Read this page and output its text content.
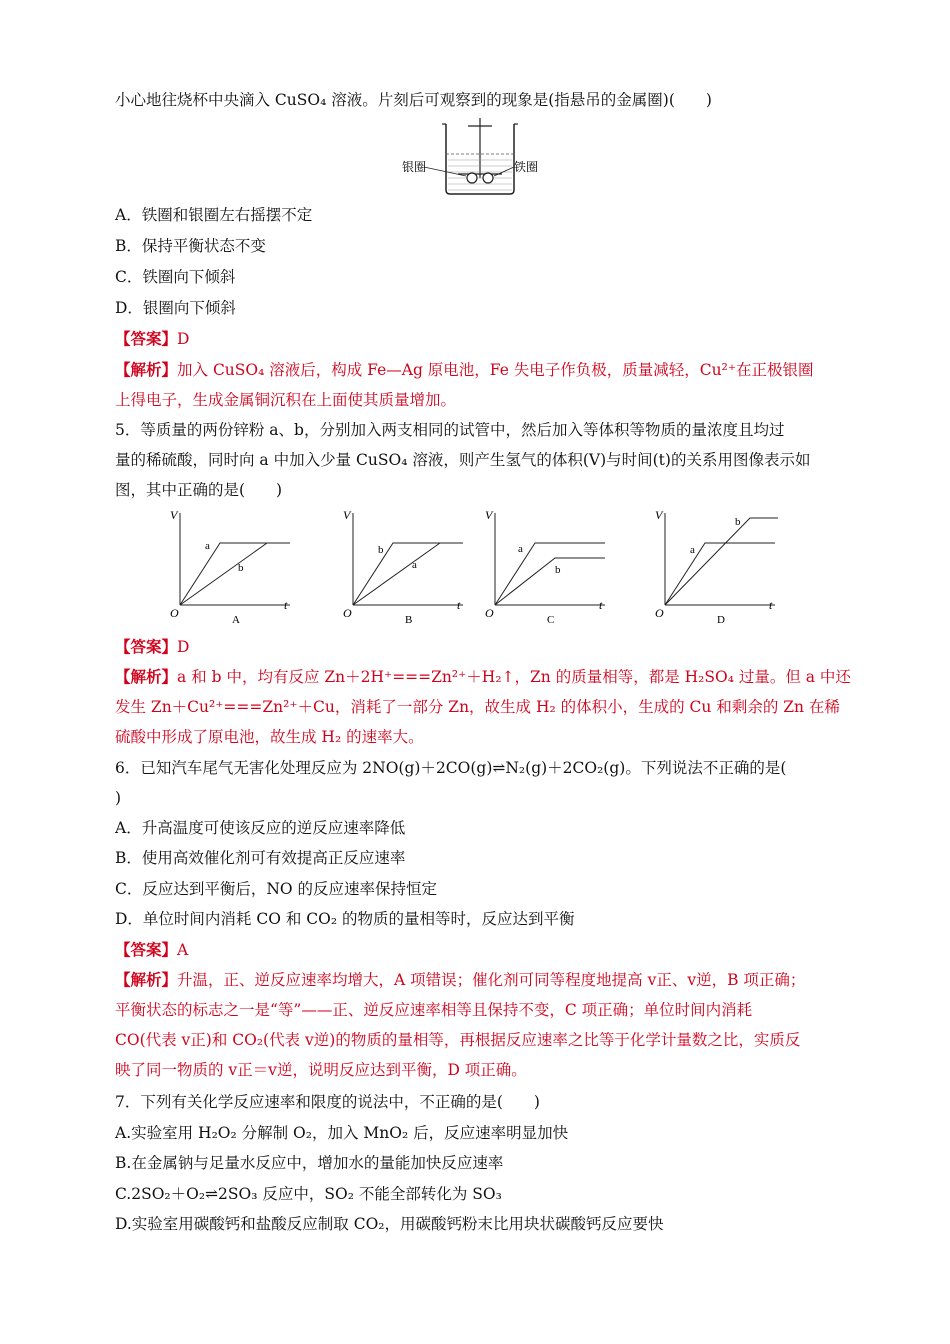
小心地往烧杯中央滴入 CuSO₄ 溶液。片刻后可观察到的现象是(指悬吊的金属圈)(　　)
银圈	铁圈
A．铁圈和银圈左右摇摆不定
B．保持平衡状态不变
C．铁圈向下倾斜
D．银圈向下倾斜
【答案】D
【解析】加入 CuSO₄ 溶液后，构成 Fe—Ag 原电池，Fe 失电子作负极，质量减轻，Cu²⁺在正极银圈
上得电子，生成金属铜沉积在上面使其质量增加。
5．等质量的两份锌粉 a、b，分别加入两支相同的试管中，然后加入等体积等物质的量浓度且均过
量的稀硫酸，同时向 a 中加入少量 CuSO₄ 溶液，则产生氢气的体积(V)与时间(t)的关系用图像表示如
图，其中正确的是(　　)
V
t
O
a
b
A
V
t
O
b
a
B
V
t
O
a
b
C
V
t
O
a
b
D
【答案】D
【解析】a 和 b 中，均有反应 Zn＋2H⁺===Zn²⁺＋H₂↑，Zn 的质量相等，都是 H₂SO₄ 过量。但 a 中还
发生 Zn＋Cu²⁺===Zn²⁺＋Cu，消耗了一部分 Zn，故生成 H₂ 的体积小，生成的 Cu 和剩余的 Zn 在稀
硫酸中形成了原电池，故生成 H₂ 的速率大。
6．已知汽车尾气无害化处理反应为 2NO(g)＋2CO(g)⇌N₂(g)＋2CO₂(g)。下列说法不正确的是(
)
A．升高温度可使该反应的逆反应速率降低
B．使用高效催化剂可有效提高正反应速率
C．反应达到平衡后，NO 的反应速率保持恒定
D．单位时间内消耗 CO 和 CO₂ 的物质的量相等时，反应达到平衡
【答案】A
【解析】升温，正、逆反应速率均增大，A 项错误；催化剂可同等程度地提高 v正、v逆，B 项正确；
平衡状态的标志之一是“等”——正、逆反应速率相等且保持不变，C 项正确；单位时间内消耗
CO(代表 v正)和 CO₂(代表 v逆)的物质的量相等，再根据反应速率之比等于化学计量数之比，实质反
映了同一物质的 v正＝v逆，说明反应达到平衡，D 项正确。
7．下列有关化学反应速率和限度的说法中，不正确的是(　　)
A.实验室用 H₂O₂ 分解制 O₂，加入 MnO₂ 后，反应速率明显加快
B.在金属钠与足量水反应中，增加水的量能加快反应速率
C.2SO₂＋O₂⇌2SO₃ 反应中，SO₂ 不能全部转化为 SO₃
D.实验室用碳酸钙和盐酸反应制取 CO₂，用碳酸钙粉末比用块状碳酸钙反应要快
